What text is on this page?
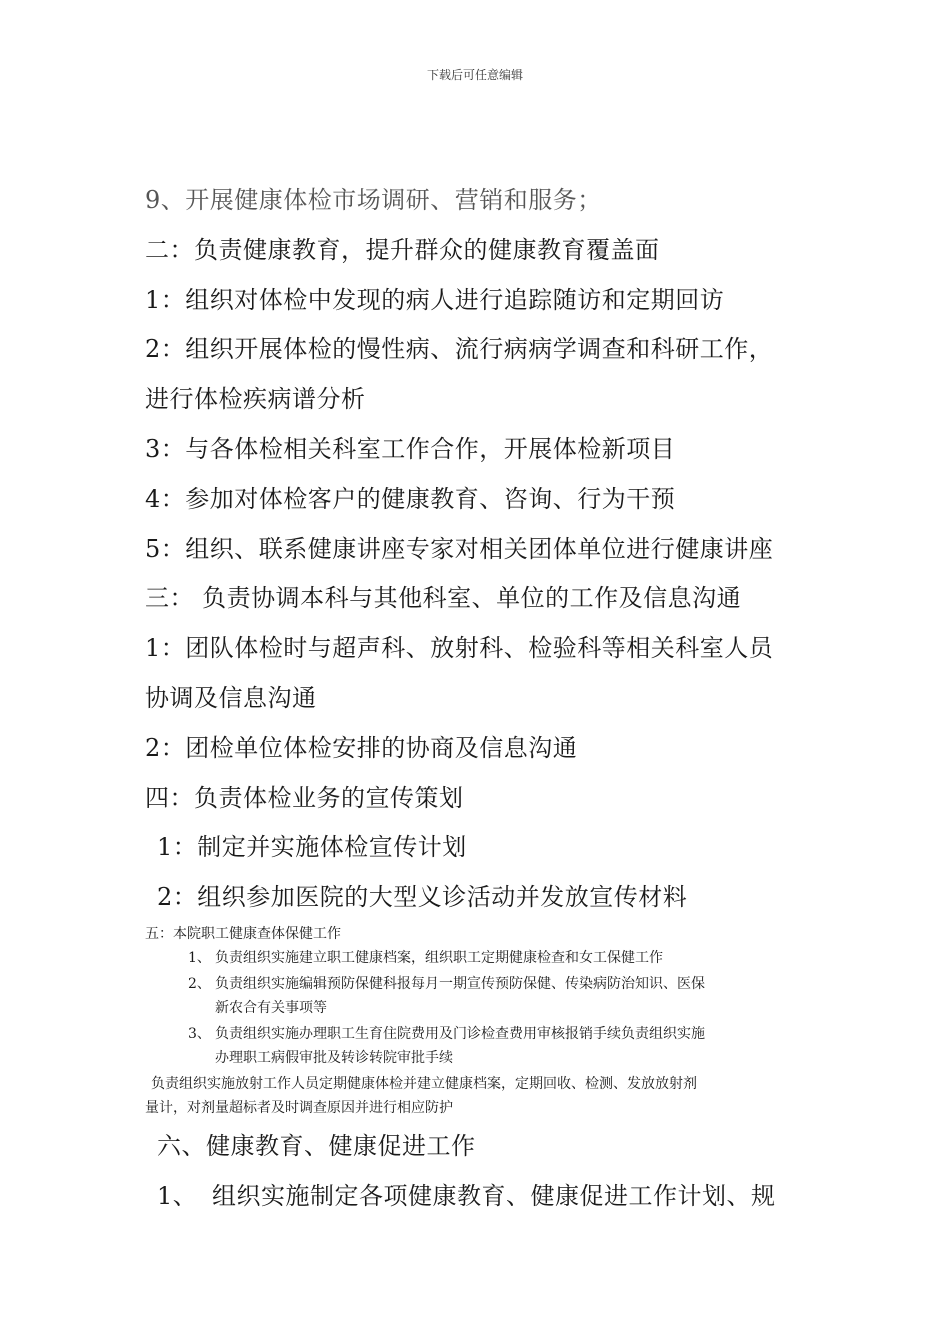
下载后可任意编辑
9、开展健康体检市场调研、营销和服务；
二：负责健康教育，提升群众的健康教育覆盖面
1：组织对体检中发现的病人进行追踪随访和定期回访
2：组织开展体检的慢性病、流行病病学调查和科研工作，
进行体检疾病谱分析
3：与各体检相关科室工作合作，开展体检新项目
4：参加对体检客户的健康教育、咨询、行为干预
5：组织、联系健康讲座专家对相关团体单位进行健康讲座
三： 负责协调本科与其他科室、单位的工作及信息沟通
1：团队体检时与超声科、放射科、检验科等相关科室人员
协调及信息沟通
2：团检单位体检安排的协商及信息沟通
四：负责体检业务的宣传策划
1：制定并实施体检宣传计划
2：组织参加医院的大型义诊活动并发放宣传材料
五：本院职工健康查体保健工作
1、 负责组织实施建立职工健康档案，组织职工定期健康检查和女工保健工作
2、 负责组织实施编辑预防保健科报每月一期宣传预防保健、传染病防治知识、医保
新农合有关事项等
3、 负责组织实施办理职工生育住院费用及门诊检查费用审核报销手续负责组织实施
办理职工病假审批及转诊转院审批手续
负责组织实施放射工作人员定期健康体检并建立健康档案，定期回收、检测、发放放射剂
量计，对剂量超标者及时调查原因并进行相应防护
六、健康教育、健康促进工作
1、 组织实施制定各项健康教育、健康促进工作计划、规
